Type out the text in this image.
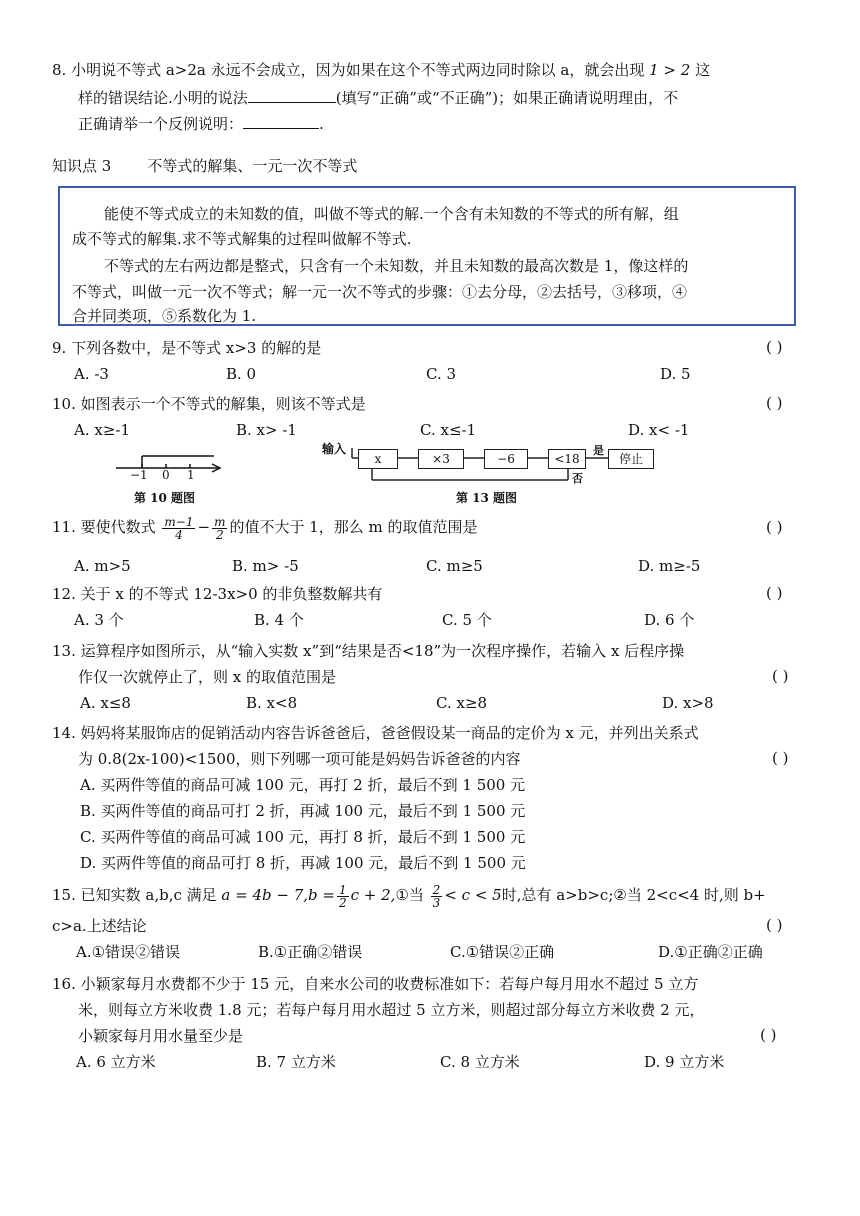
8. 小明说不等式 a>2a 永远不会成立，因为如果在这个不等式两边同时除以 a，就会出现 1 > 2 这
样的错误结论.小明的说法	(填写“正确”或“不正确”)；如果正确请说明理由，不
正确请举一个反例说明：	.
知识点 3 不等式的解集、一元一次不等式
能使不等式成立的未知数的值，叫做不等式的解.一个含有未知数的不等式的所有解，组
成不等式的解集.求不等式解集的过程叫做解不等式.
不等式的左右两边都是整式，只含有一个未知数，并且未知数的最高次数是 1，像这样的
不等式，叫做一元一次不等式；解一元一次不等式的步骤：①去分母，②去括号，③移项，④
合并同类项，⑤系数化为 1.
9. 下列各数中，是不等式 x>3 的解的是	( )
A. -3	B. 0	C. 3	D. 5
10. 如图表示一个不等式的解集，则该不等式是	( )
A. x≥-1	B. x> -1	C. x≤-1	D. x< -1
−1 0 1
第 10 题图
输入
x	×3	−6	<18
是
否
停止
第 13 题图
11. 要使代数式 $\frac{m-1}{4} - \frac{m}{2}$ 的值不大于 1，那么 m 的取值范围是	( )
A. m>5	B. m> -5	C. m≥5	D. m≥-5
12. 关于 x 的不等式 12-3x>0 的非负整数解共有	( )
A. 3 个	B. 4 个	C. 5 个	D. 6 个
13. 运算程序如图所示，从“输入实数 x”到“结果是否<18”为一次程序操作，若输入 x 后程序操
作仅一次就停止了，则 x 的取值范围是	( )
A. x≤8	B. x<8	C. x≥8	D. x>8
14. 妈妈将某服饰店的促销活动内容告诉爸爸后，爸爸假设某一商品的定价为 x 元，并列出关系式
为 0.8(2x-100)<1500，则下列哪一项可能是妈妈告诉爸爸的内容	( )
A. 买两件等值的商品可减 100 元，再打 2 折，最后不到 1 500 元
B. 买两件等值的商品可打 2 折，再减 100 元，最后不到 1 500 元
C. 买两件等值的商品可减 100 元，再打 8 折，最后不到 1 500 元
D. 买两件等值的商品可打 8 折，再减 100 元，最后不到 1 500 元
15. 已知实数 a,b,c 满足 $a = 4b - 7,b = \frac{1}{2}$ c + 2,①当 $\frac{2}{3} < c < 5$时,总有 a>b>c;②当 2<c<4 时,则 b+
c>a.上述结论	( )
A.①错误②错误	B.①正确②错误	C.①错误②正确	D.①正确②正确
16. 小颖家每月水费都不少于 15 元，自来水公司的收费标准如下：若每户每月用水不超过 5 立方
米，则每立方米收费 1.8 元；若每户每月用水超过 5 立方米，则超过部分每立方米收费 2 元，
小颖家每月用水量至少是	( )
A. 6 立方米	B. 7 立方米	C. 8 立方米	D. 9 立方米
